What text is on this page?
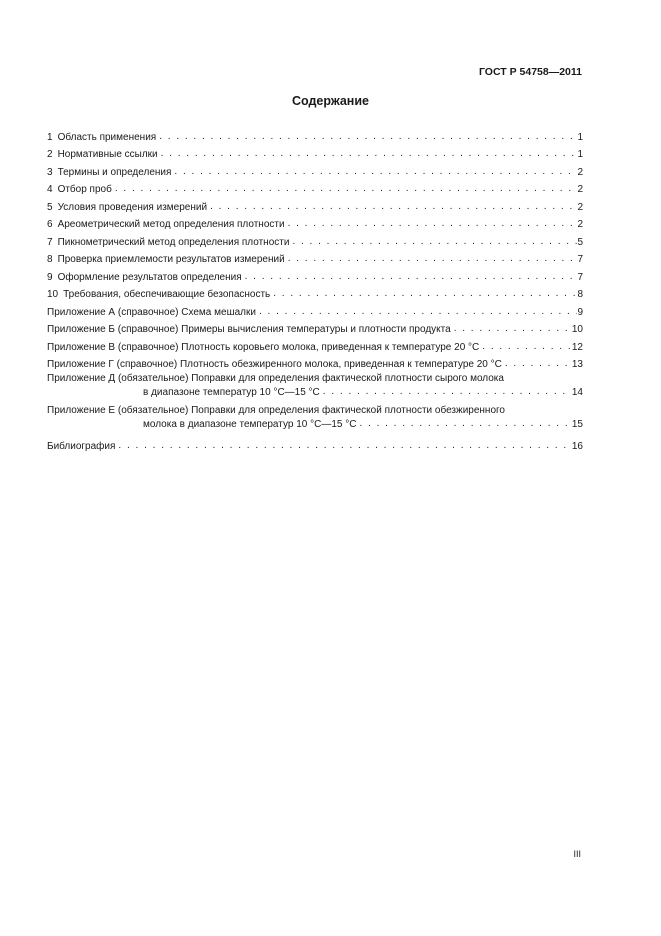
ГОСТ Р 54758—2011
Содержание
1 Область применения . . .	1
2 Нормативные ссылки . . .	1
3 Термины и определения . . .	2
4 Отбор проб . . .	2
5 Условия проведения измерений . . .	2
6 Ареометрический метод определения плотности . . .	2
7 Пикнометрический метод определения плотности . . .	5
8 Проверка приемлемости результатов измерений . . .	7
9 Оформление результатов определения . . .	7
10 Требования, обеспечивающие безопасность . . .	8
Приложение А (справочное) Схема мешалки . . .	9
Приложение Б (справочное) Примеры вычисления температуры и плотности продукта . . .	10
Приложение В (справочное) Плотность коровьего молока, приведенная к температуре 20 °С . . .	12
Приложение Г (справочное) Плотность обезжиренного молока, приведенная к температуре 20 °С . . .	13
Приложение Д (обязательное) Поправки для определения фактической плотности сырого молока
в диапазоне температур 10 °С—15 °С . . .	14
Приложение Е (обязательное) Поправки для определения фактической плотности обезжиренного
молока в диапазоне температур 10 °С—15 °С . . .	15
Библиография . . .	16
III
